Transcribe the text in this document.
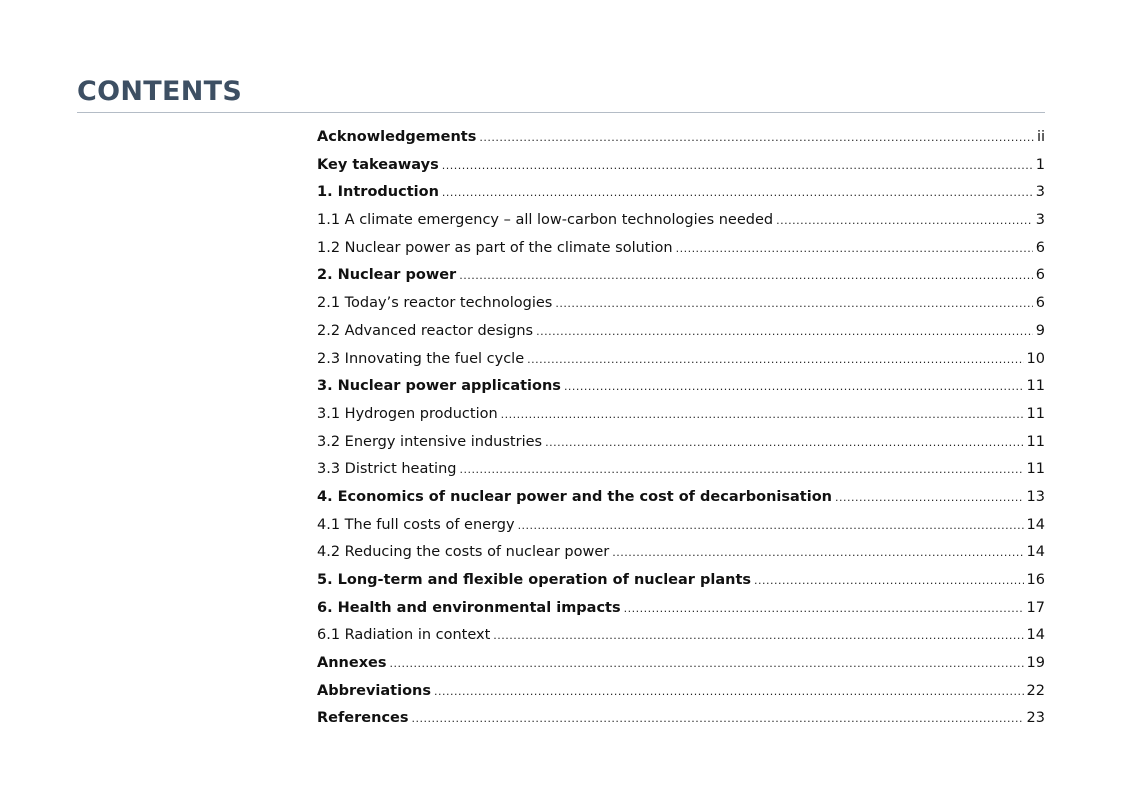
CONTENTS
Acknowledgements .....	ii
Key takeaways .....	1
1. Introduction .....	3
1.1 A climate emergency – all low-carbon technologies needed .....	3
1.2 Nuclear power as part of the climate solution .....	6
2. Nuclear power .....	6
2.1 Today’s reactor technologies .....	6
2.2 Advanced reactor designs .....	9
2.3 Innovating the fuel cycle .....	10
3. Nuclear power applications .....	11
3.1 Hydrogen production .....	11
3.2 Energy intensive industries .....	11
3.3 District heating .....	11
4. Economics of nuclear power and the cost of decarbonisation .....	13
4.1 The full costs of energy .....	14
4.2 Reducing the costs of nuclear power .....	14
5. Long-term and flexible operation of nuclear plants .....	16
6. Health and environmental impacts .....	17
6.1 Radiation in context .....	14
Annexes .....	19
Abbreviations .....	22
References .....	23
